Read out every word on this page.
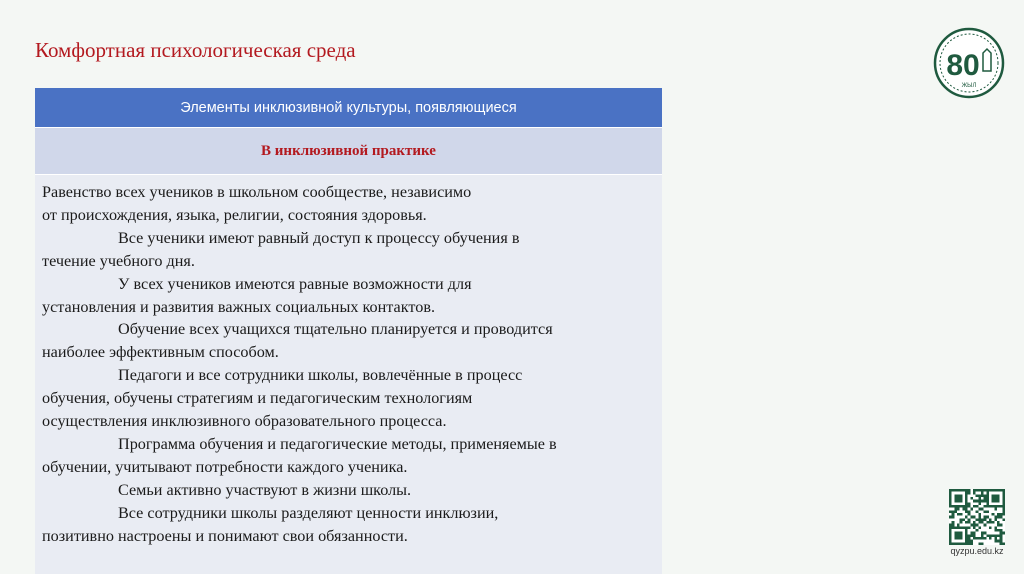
Комфортная психологическая среда
Элементы инклюзивной культуры, появляющиеся
В инклюзивной практике

Равенство всех учеников в школьном сообществе, независимо

от происхождения, языка, религии, состояния здоровья.

Все ученики имеют равный доступ к процессу обучения в

течение учебного дня.

У всех учеников имеются равные возможности для

установления и развития важных социальных контактов.

Обучение всех учащихся тщательно планируется и проводится

наиболее эффективным способом.

Педагоги и все сотрудники школы, вовлечённые в процесс

обучения, обучены стратегиям и педагогическим технологиям

осуществления инклюзивного образовательного процесса.

Программа обучения и педагогические методы, применяемые в

обучении, учитывают потребности каждого ученика.

Семьи активно участвуют в жизни школы.

Все сотрудники школы разделяют ценности инклюзии,

позитивно настроены и понимают свои обязанности.

80
ЖЫЛ
qyzpu.edu.kz
